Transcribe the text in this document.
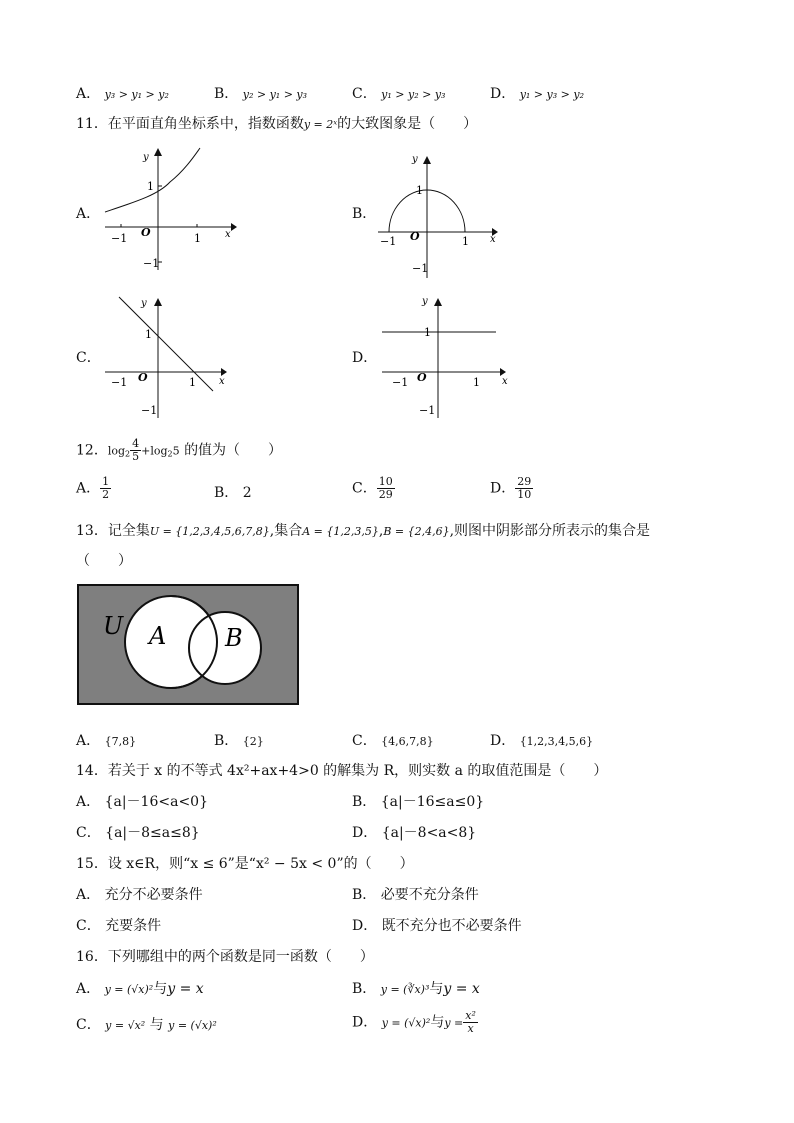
A． y₃ > y₁ > y₂	B． y₂ > y₁ > y₃	C． y₁ > y₂ > y₃	D． y₁ > y₃ > y₂
11．在平面直角坐标系中，指数函数y = 2ˣ的大致图象是（　　）
A．	B．
C．	D．
y
1
−1 O	1 x
−1
y
1
−1 O	1 x
−1
y
1
−1 O	1 x
−1
y
1
−1 O	1 x
−1
12．$\log_2 \frac{4}{5} +\log_25$ 的值为（　　）
A． $\frac{1}{2}$	B． 2	C． $\frac{10}{29}$	D． $\frac{29}{10}$
13．记全集U = {1,2,3,4,5,6,7,8},集合A = {1,2,3,5},B = {2,4,6},则图中阴影部分所表示的集合是
（　　）
U A B
A． {7,8}	B． {2}	C． {4,6,7,8}	D． {1,2,3,4,5,6}
14．若关于 x 的不等式 4x²+ax+4>0 的解集为 R，则实数 a 的取值范围是（　　）
A． {a|－16<a<0}	B． {a|－16≤a≤0}
C． {a|－8≤a≤8}	D． {a|－8<a<8}
15．设 x∈R，则“x ≤ 6”是“x² − 5x < 0”的（　　）
A． 充分不必要条件	B． 必要不充分条件
C． 充要条件	D． 既不充分也不必要条件
16．下列哪组中的两个函数是同一函数（　　）
A． y = (√x)²与y = x	B． y = (∛x)³与y = x
C． y = √x² 与 y = (√x)²	D． y = (√x)²与$y = \frac{\text{x²}}{x}$
